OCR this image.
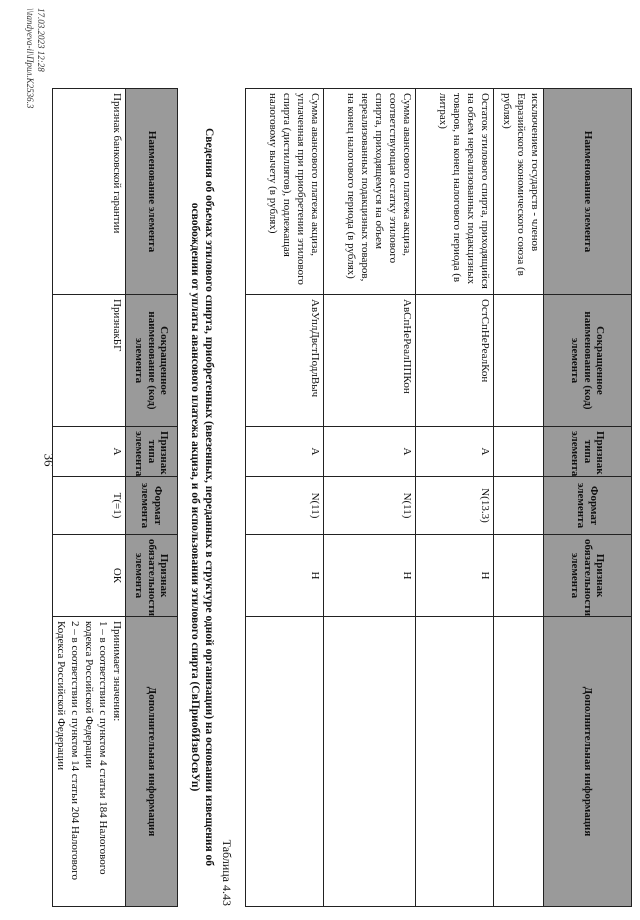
36
Наименование элемента	Сокращенное наименование (код) элемента	Признак типа элемента	Формат элемента	Признак обязательности элемента	Дополнительная информация
исключением государств - членов Евразийского экономического союза (в рублях)					
Остаток этилового спирта, приходящийся на объем нереализованных подакцизных товаров, на конец налогового периода (в литрах)	ОстСпНеРеалКон	А	N(13.3)	Н	
Сумма авансового платежа акциза, соответствующая остатку этилового спирта, приходящемуся на объем нереализованных подакцизных товаров, на конец налогового периода (в рублях)	АвСпНеРеалППКон	А	N(11)	Н	
Сумма авансового платежа акциза, уплаченная при приобретении этилового спирта (дистиллятов), подлежащая налоговому вычету (в рублях)	АвУплДвстПодлВыч	А	N(11)	Н	
Таблица 4.43
Сведения об объемах этилового спирта, приобретенных (ввезенных, переданных в структуре одной организации) на основании извещения об освобождении от уплаты авансового платежа акциза, и об использовании этилового спирта (СвПриобИзвОсвУп)
Наименование элемента	Сокращенное наименование (код) элемента	Признак типа элемента	Формат элемента	Признак обязательности элемента	Дополнительная информация
Признак банковской гарантии	ПризнакБГ	А	Т(=1)	ОК	Принимает значения:
1 – в соответствии с пунктом 4 статьи 184 Налогового кодекса Российской Федерации
2 – в соответствии с пунктом 14 статьи 204 Налогового Кодекса Российской Федерации
17.03.2023 12:28
\\tandyeva-il\Прил.К2536.3
